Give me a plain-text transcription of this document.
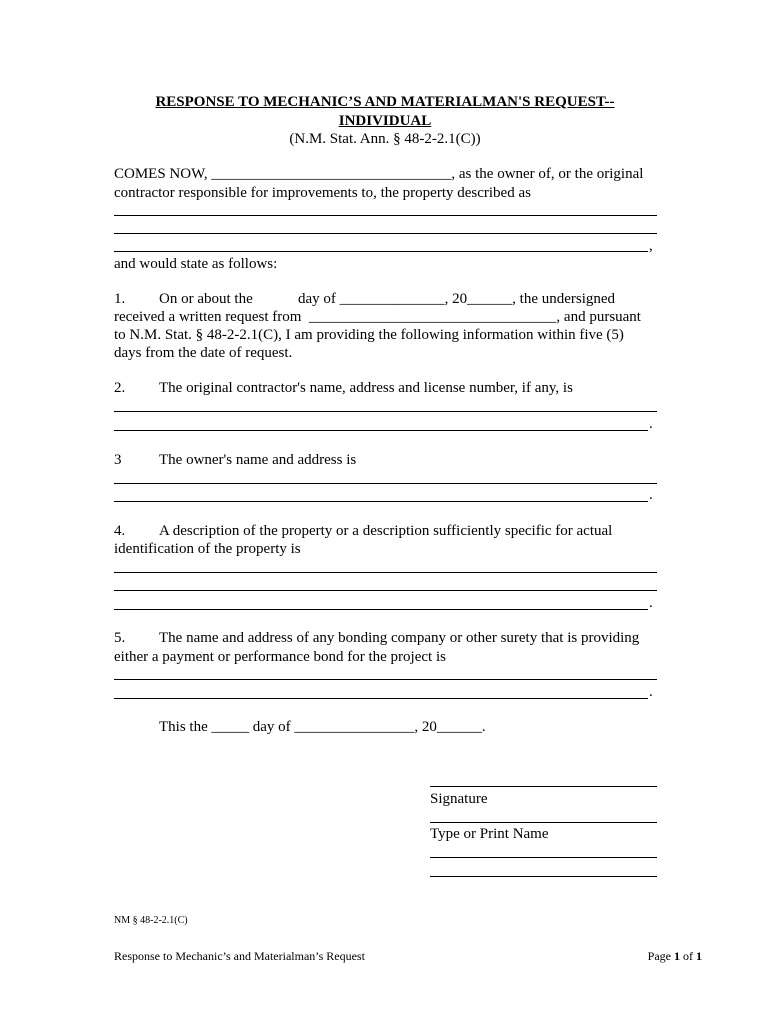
RESPONSE TO MECHANIC’S AND MATERIALMAN'S REQUEST--
INDIVIDUAL
(N.M. Stat. Ann. § 48-2-2.1(C))
COMES NOW, ________________________________, as the owner of, or the original
contractor responsible for improvements to, the property described as
,
and would state as follows:
1. On or about the	day of ______________, 20______, the undersigned
received a written request from  _________________________________, and pursuant
to N.M. Stat. § 48-2-2.1(C), I am providing the following information within five (5)
days from the date of request.
2. The original contractor's name, address and license number, if any, is
.
3	The owner's name and address is
.
4. A description of the property or a description sufficiently specific for actual
identification of the property is
.
5. The name and address of any bonding company or other surety that is providing
either a payment or performance bond for the project is
.
This the _____ day of ________________, 20______.
Signature
Type or Print Name
NM § 48-2-2.1(C)
Response to Mechanic’s and Materialman’s Request	Page 1 of 1
